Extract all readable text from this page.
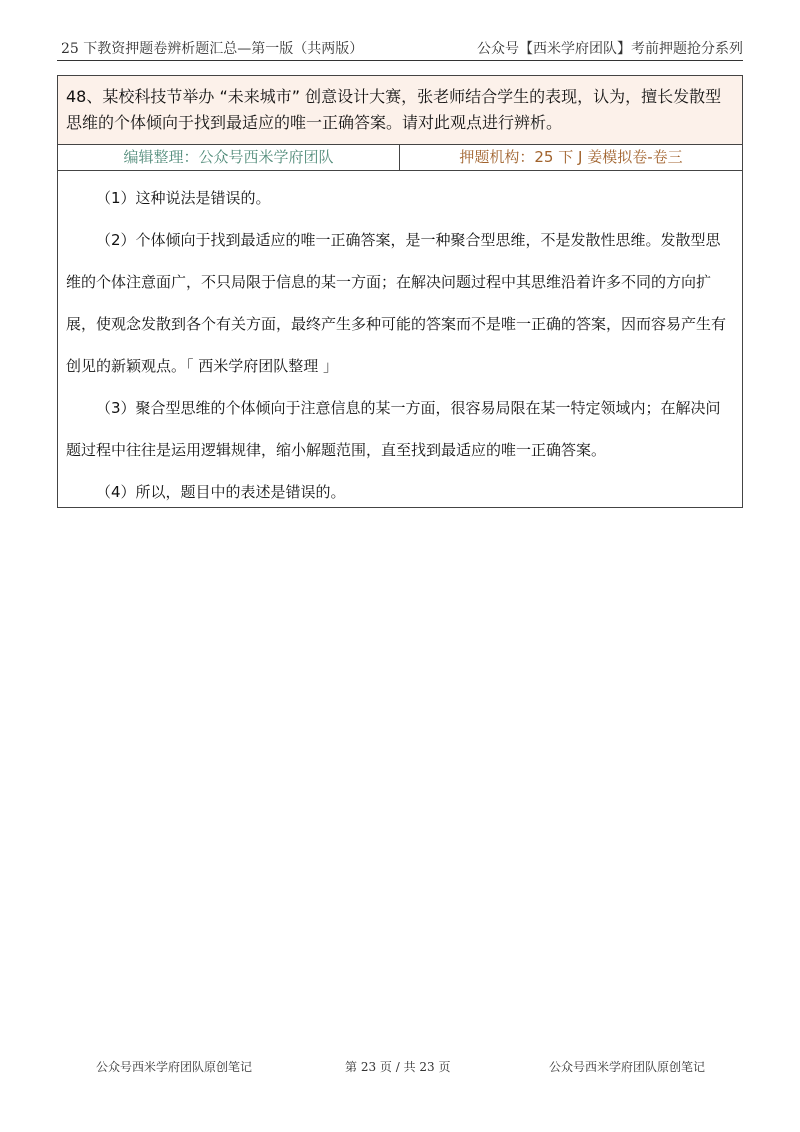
25 下教资押题卷辨析题汇总—第一版（共两版）	公众号【西米学府团队】考前押题抢分系列
48、某校科技节举办 “未来城市” 创意设计大赛，张老师结合学生的表现，认为，擅长发散型思维的个体倾向于找到最适应的唯一正确答案。请对此观点进行辨析。
编辑整理：公众号西米学府团队	押题机构：25 下 J 姜模拟卷-卷三

（1）这种说法是错误的。

（2）个体倾向于找到最适应的唯一正确答案，是一种聚合型思维，不是发散性思维。发散型思维的个体注意面广，不只局限于信息的某一方面；在解决问题过程中其思维沿着许多不同的方向扩展，使观念发散到各个有关方面，最终产生多种可能的答案而不是唯一正确的答案，因而容易产生有创见的新颖观点。「 西米学府团队整理 」

（3）聚合型思维的个体倾向于注意信息的某一方面，很容易局限在某一特定领域内；在解决问题过程中往往是运用逻辑规律，缩小解题范围，直至找到最适应的唯一正确答案。

（4）所以，题目中的表述是错误的。

公众号西米学府团队原创笔记	第 23 页 / 共 23 页	公众号西米学府团队原创笔记
